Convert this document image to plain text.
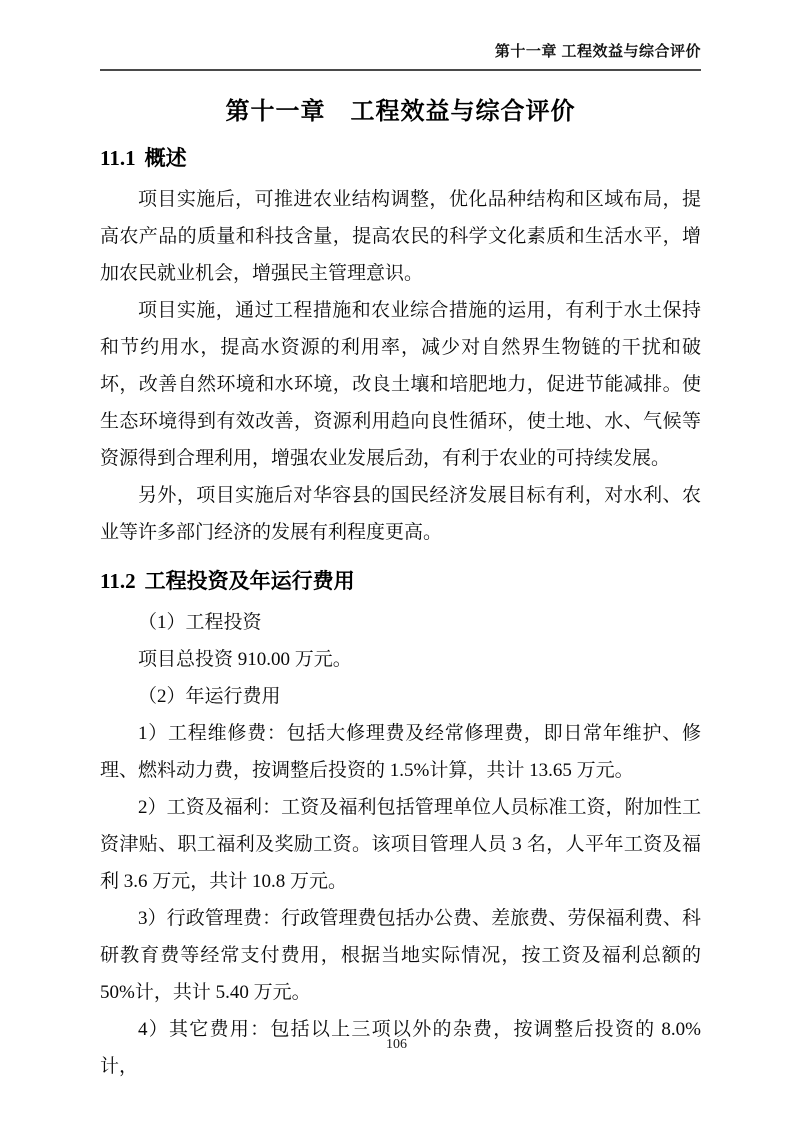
第十一章 工程效益与综合评价
第十一章　工程效益与综合评价
11.1 概述

项目实施后，可推进农业结构调整，优化品种结构和区域布局，提高农产品的质量和科技含量，提高农民的科学文化素质和生活水平，增加农民就业机会，增强民主管理意识。

项目实施，通过工程措施和农业综合措施的运用，有利于水土保持和节约用水，提高水资源的利用率，减少对自然界生物链的干扰和破坏，改善自然环境和水环境，改良土壤和培肥地力，促进节能减排。使生态环境得到有效改善，资源利用趋向良性循环，使土地、水、气候等资源得到合理利用，增强农业发展后劲，有利于农业的可持续发展。

另外，项目实施后对华容县的国民经济发展目标有利，对水利、农业等许多部门经济的发展有利程度更高。

11.2 工程投资及年运行费用

（1）工程投资

项目总投资 910.00 万元。

（2）年运行费用

1）工程维修费：包括大修理费及经常修理费，即日常年维护、修理、燃料动力费，按调整后投资的 1.5%计算，共计 13.65 万元。

2）工资及福利：工资及福利包括管理单位人员标准工资，附加性工资津贴、职工福利及奖励工资。该项目管理人员 3 名，人平年工资及福利 3.6 万元，共计 10.8 万元。

3）行政管理费：行政管理费包括办公费、差旅费、劳保福利费、科研教育费等经常支付费用，根据当地实际情况，按工资及福利总额的 50%计，共计 5.40 万元。

4）其它费用：包括以上三项以外的杂费，按调整后投资的 8.0%计，

106
